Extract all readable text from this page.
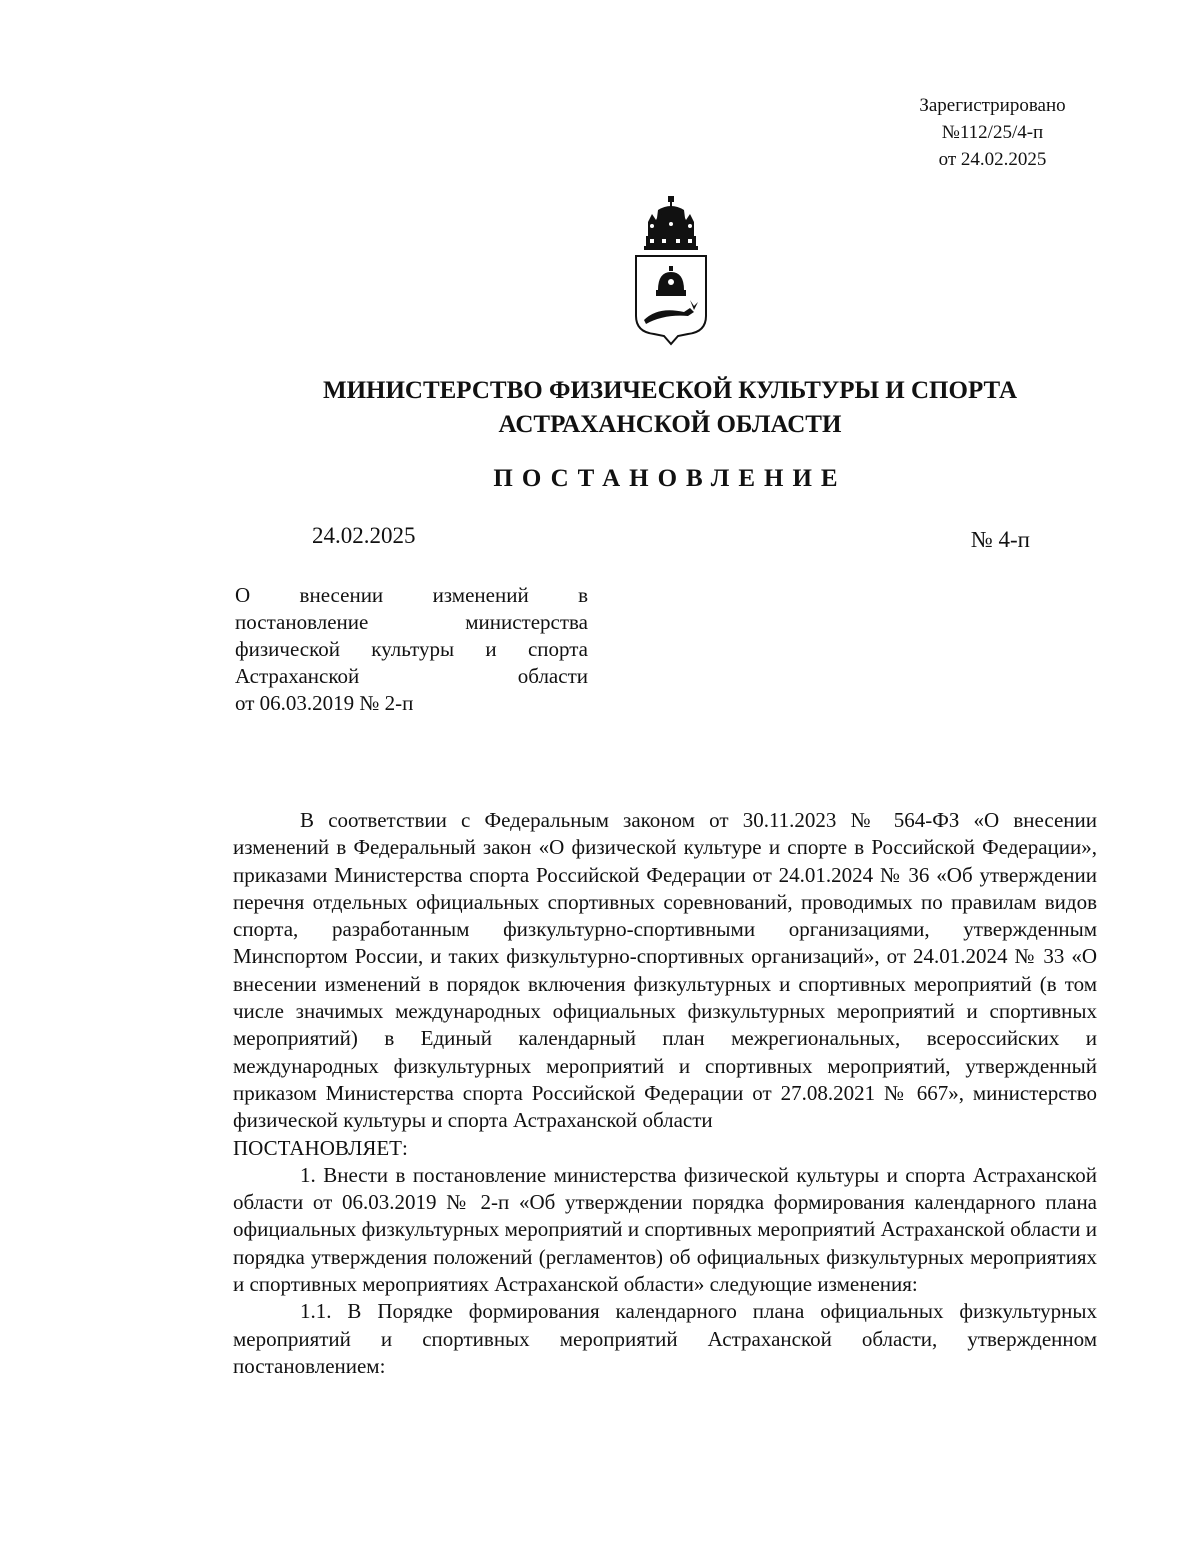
Зарегистрировано
№112/25/4-п
от 24.02.2025
МИНИСТЕРСТВО ФИЗИЧЕСКОЙ КУЛЬТУРЫ И СПОРТА
АСТРАХАНСКОЙ ОБЛАСТИ
ПОСТАНОВЛЕНИЕ
24.02.2025	№ 4-п
О внесении изменений в
постановление министерства
физической культуры и спорта
Астраханской области
от 06.03.2019 № 2-п

В соответствии с Федеральным законом от 30.11.2023 № 564-ФЗ «О внесении изменений в Федеральный закон «О физической культуре и спорте в Российской Федерации», приказами Министерства спорта Российской Федерации от 24.01.2024 № 36 «Об утверждении перечня отдельных официальных спортивных соревнований, проводимых по правилам видов спорта, разработанным физкультурно-спортивными организациями, утвержденным Минспортом России, и таких физкультурно-спортивных организаций», от 24.01.2024 № 33 «О внесении изменений в порядок включения физкультурных и спортивных мероприятий (в том числе значимых международных официальных физкультурных мероприятий и спортивных мероприятий) в Единый календарный план межрегиональных, всероссийских и международных физкультурных мероприятий и спортивных мероприятий, утвержденный приказом Министерства спорта Российской Федерации от 27.08.2021 № 667», министерство физической культуры и спорта Астраханской области

ПОСТАНОВЛЯЕТ:

1. Внести в постановление министерства физической культуры и спорта Астраханской области от 06.03.2019 № 2-п «Об утверждении порядка формирования календарного плана официальных физкультурных мероприятий и спортивных мероприятий Астраханской области и порядка утверждения положений (регламентов) об официальных физкультурных мероприятиях и спортивных мероприятиях Астраханской области» следующие изменения:

1.1. В Порядке формирования календарного плана официальных физкультурных мероприятий и спортивных мероприятий Астраханской области, утвержденном постановлением:
